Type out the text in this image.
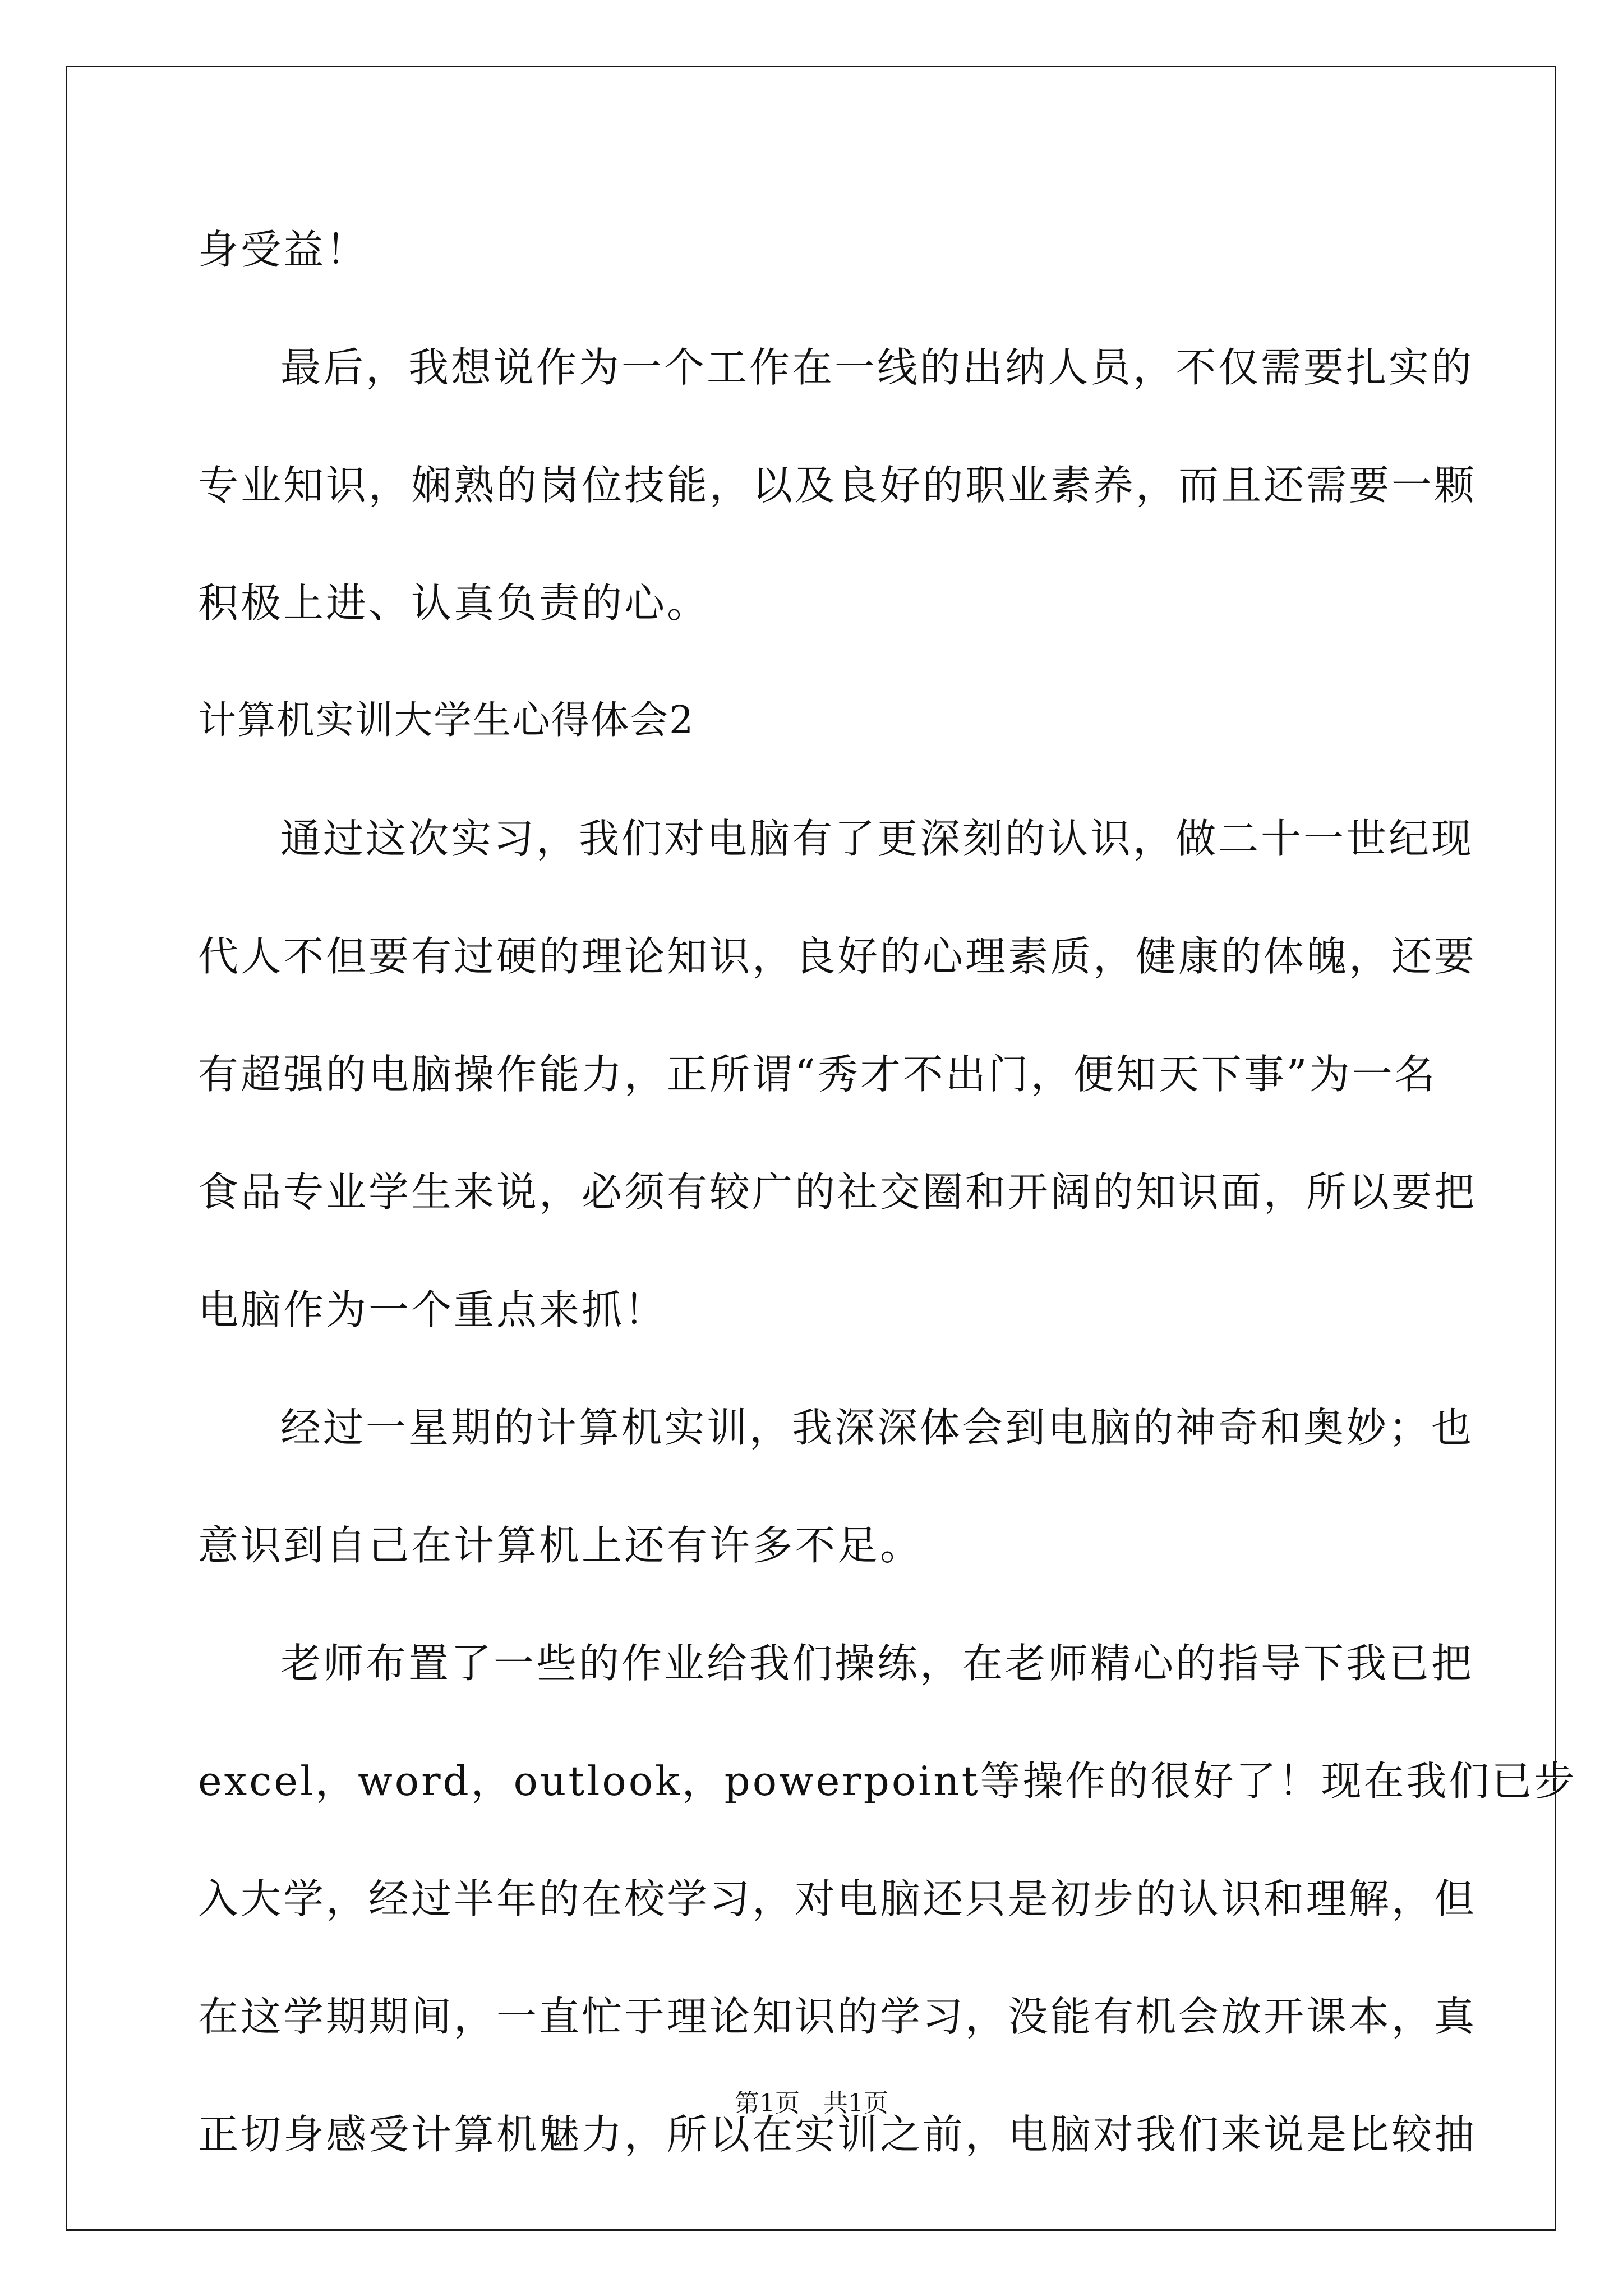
身受益！
最后，我想说作为一个工作在一线的出纳人员，不仅需要扎实的
专业知识，娴熟的岗位技能，以及良好的职业素养，而且还需要一颗
积极上进、认真负责的心。
计算机实训大学生心得体会2
通过这次实习，我们对电脑有了更深刻的认识，做二十一世纪现
代人不但要有过硬的理论知识，良好的心理素质，健康的体魄，还要
有超强的电脑操作能力，正所谓“秀才不出门，便知天下事”为一名
食品专业学生来说，必须有较广的社交圈和开阔的知识面，所以要把
电脑作为一个重点来抓！
经过一星期的计算机实训，我深深体会到电脑的神奇和奥妙；也
意识到自己在计算机上还有许多不足。
老师布置了一些的作业给我们操练，在老师精心的指导下我已把
excel，word，outlook，powerpoint等操作的很好了！现在我们已步
入大学，经过半年的在校学习，对电脑还只是初步的认识和理解，但
在这学期期间，一直忙于理论知识的学习，没能有机会放开课本，真
正切身感受计算机魅力，所以在实训之前，电脑对我们来说是比较抽
第1页 共1页
